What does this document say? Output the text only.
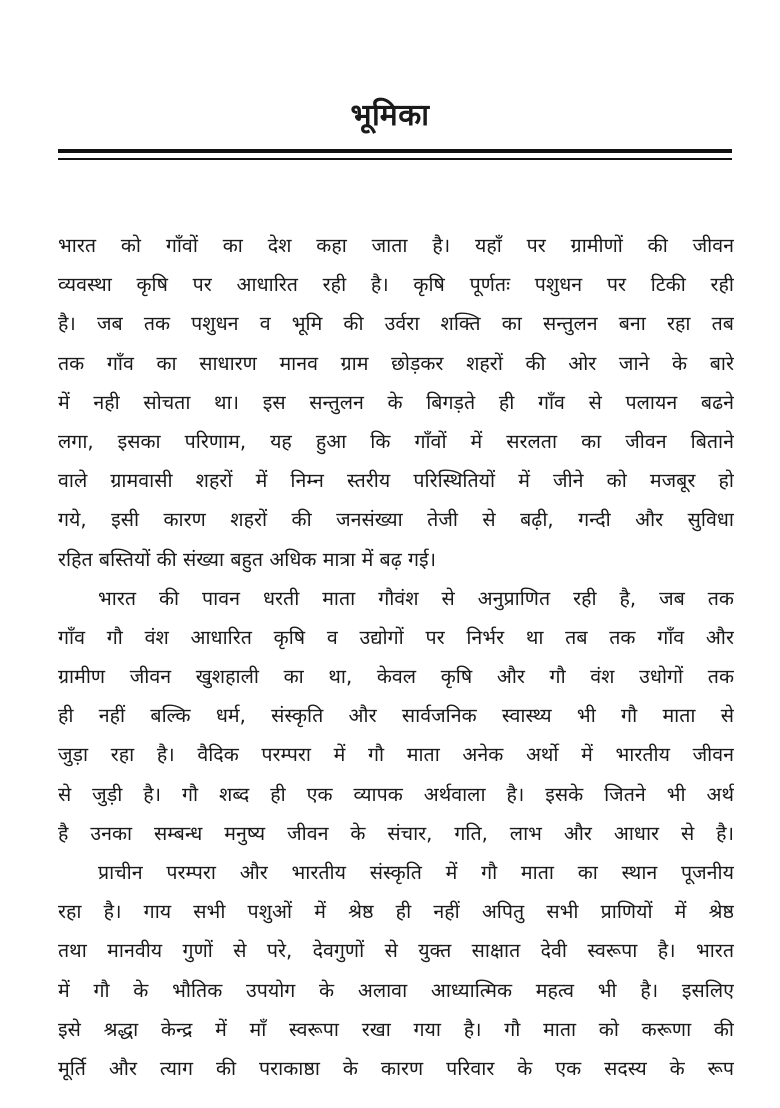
भूमिका
भारत को गाँवों का देश कहा जाता है। यहाँ पर ग्रामीणों की जीवन
व्यवस्था कृषि पर आधारित रही है। कृषि पूर्णतः पशुधन पर टिकी रही
है। जब तक पशुधन व भूमि की उर्वरा शक्ति का सन्तुलन बना रहा तब
तक गाँव का साधारण मानव ग्राम छोड़कर शहरों की ओर जाने के बारे
में नही सोचता था। इस सन्तुलन के बिगड़ते ही गाँव से पलायन बढने
लगा, इसका परिणाम, यह हुआ कि गाँवों में सरलता का जीवन बिताने
वाले ग्रामवासी शहरों में निम्न स्तरीय परिस्थितियों में जीने को मजबूर हो
गये, इसी कारण शहरों की जनसंख्या तेजी से बढ़ी, गन्दी और सुविधा
रहित बस्तियों की संख्या बहुत अधिक मात्रा में बढ़ गई।
भारत की पावन धरती माता गौवंश से अनुप्राणित रही है, जब तक
गाँव गौ वंश आधारित कृषि व उद्योगों पर निर्भर था तब तक गाँव और
ग्रामीण जीवन खुशहाली का था, केवल कृषि और गौ वंश उधोगों तक
ही नहीं बल्कि धर्म, संस्कृति और सार्वजनिक स्वास्थ्य भी गौ माता से
जुड़ा रहा है। वैदिक परम्परा में गौ माता अनेक अर्थो में भारतीय जीवन
से जुड़ी है। गौ शब्द ही एक व्यापक अर्थवाला है। इसके जितने भी अर्थ
है उनका सम्बन्ध मनुष्य जीवन के संचार, गति, लाभ और आधार से है।
प्राचीन परम्परा और भारतीय संस्कृति में गौ माता का स्थान पूजनीय
रहा है। गाय सभी पशुओं में श्रेष्ठ ही नहीं अपितु सभी प्राणियों में श्रेष्ठ
तथा मानवीय गुणों से परे, देवगुणों से युक्त साक्षात देवी स्वरूपा है। भारत
में गौ के भौतिक उपयोग के अलावा आध्यात्मिक महत्व भी है। इसलिए
इसे श्रद्धा केन्द्र में माँ स्वरूपा रखा गया है। गौ माता को करूणा की
मूर्ति और त्याग की पराकाष्ठा के कारण परिवार के एक सदस्य के रूप
